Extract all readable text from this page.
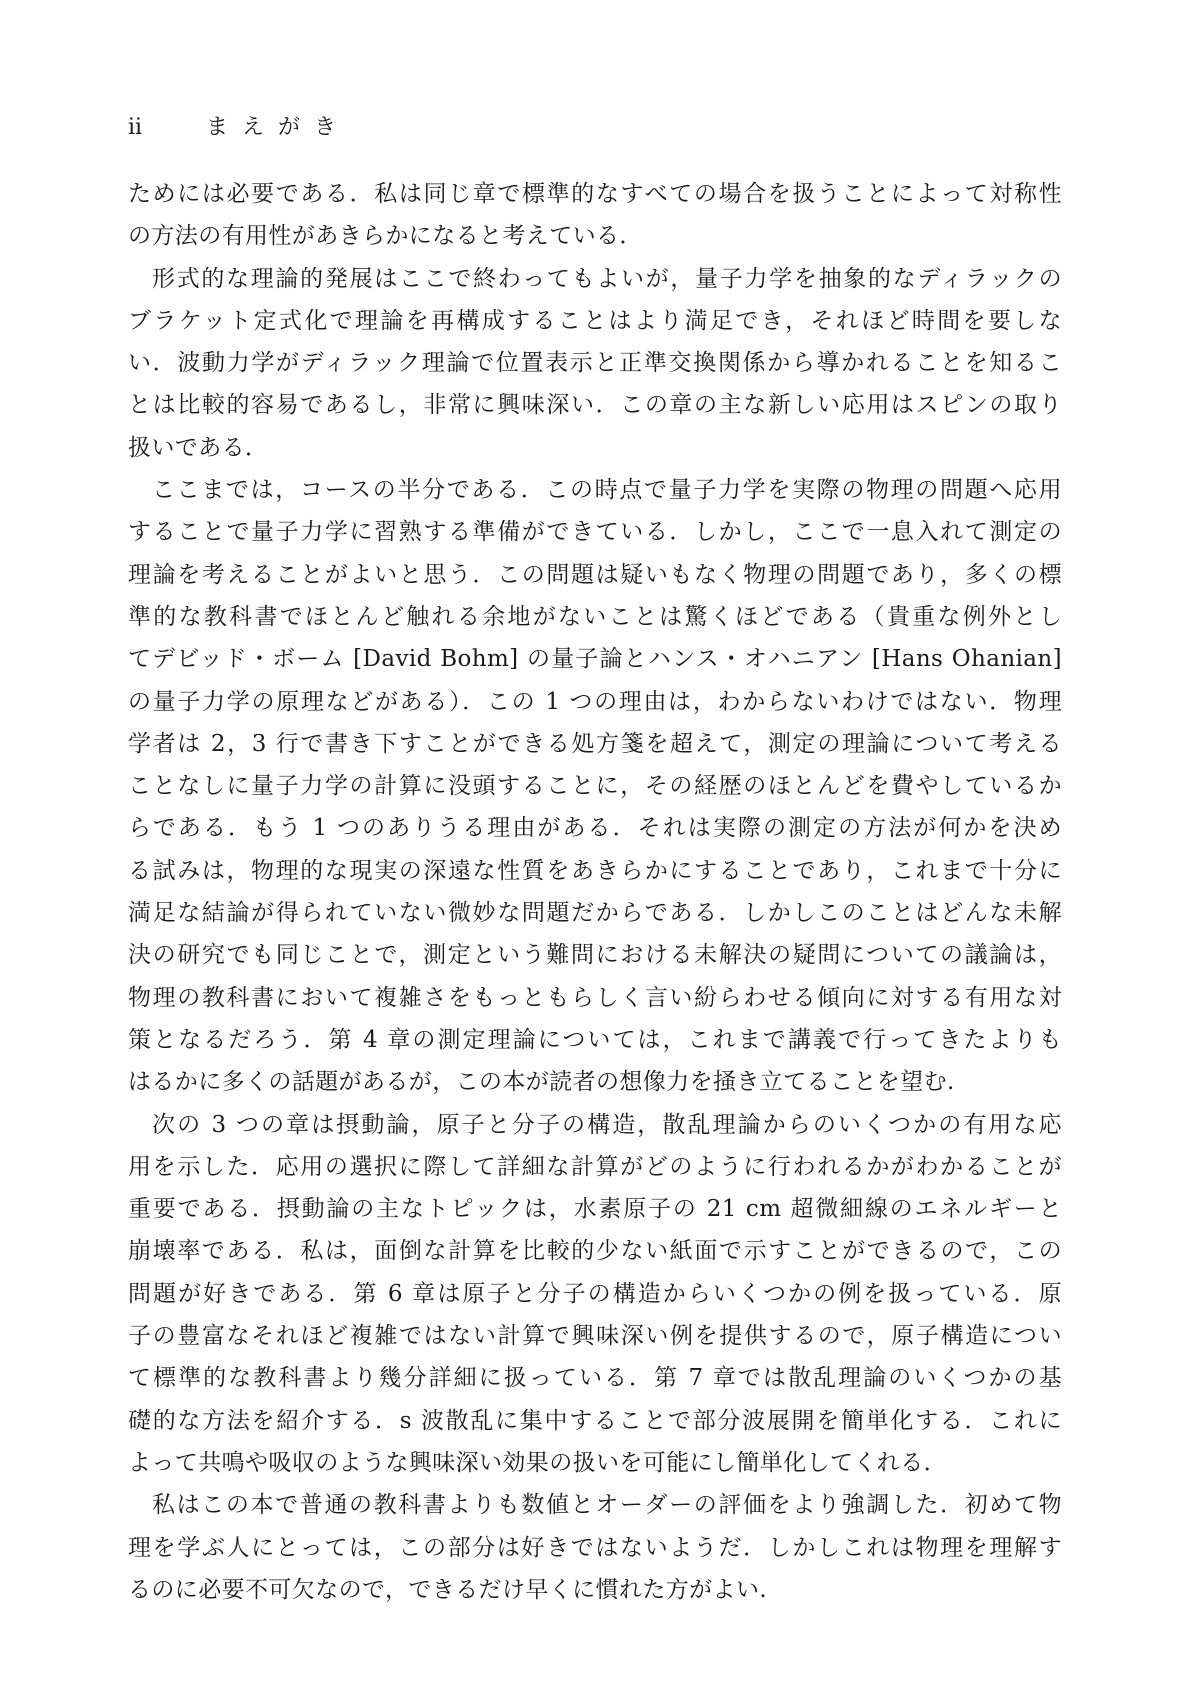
ii	まえがき
ためには必要である．私は同じ章で標準的なすべての場合を扱うことによって対称性
の方法の有用性があきらかになると考えている．
形式的な理論的発展はここで終わってもよいが，量子力学を抽象的なディラックの
ブラケット定式化で理論を再構成することはより満足でき，それほど時間を要しな
い．波動力学がディラック理論で位置表示と正準交換関係から導かれることを知るこ
とは比較的容易であるし，非常に興味深い．この章の主な新しい応用はスピンの取り
扱いである．
ここまでは，コースの半分である．この時点で量子力学を実際の物理の問題へ応用
することで量子力学に習熟する準備ができている．しかし，ここで一息入れて測定の
理論を考えることがよいと思う．この問題は疑いもなく物理の問題であり，多くの標
準的な教科書でほとんど触れる余地がないことは驚くほどである（貴重な例外とし
てデビッド・ボーム [David Bohm] の量子論とハンス・オハニアン [Hans Ohanian]
の量子力学の原理などがある）．この 1 つの理由は，わからないわけではない．物理
学者は 2，3 行で書き下すことができる処方箋を超えて，測定の理論について考える
ことなしに量子力学の計算に没頭することに，その経歴のほとんどを費やしているか
らである．もう 1 つのありうる理由がある．それは実際の測定の方法が何かを決め
る試みは，物理的な現実の深遠な性質をあきらかにすることであり，これまで十分に
満足な結論が得られていない微妙な問題だからである．しかしこのことはどんな未解
決の研究でも同じことで，測定という難問における未解決の疑問についての議論は，
物理の教科書において複雑さをもっともらしく言い紛らわせる傾向に対する有用な対
策となるだろう．第 4 章の測定理論については，これまで講義で行ってきたよりも
はるかに多くの話題があるが，この本が読者の想像力を掻き立てることを望む.
次の 3 つの章は摂動論，原子と分子の構造，散乱理論からのいくつかの有用な応
用を示した．応用の選択に際して詳細な計算がどのように行われるかがわかることが
重要である．摂動論の主なトピックは，水素原子の 21 cm 超微細線のエネルギーと
崩壊率である．私は，面倒な計算を比較的少ない紙面で示すことができるので，この
問題が好きである．第 6 章は原子と分子の構造からいくつかの例を扱っている．原
子の豊富なそれほど複雑ではない計算で興味深い例を提供するので，原子構造につい
て標準的な教科書より幾分詳細に扱っている．第 7 章では散乱理論のいくつかの基
礎的な方法を紹介する．s 波散乱に集中することで部分波展開を簡単化する．これに
よって共鳴や吸収のような興味深い効果の扱いを可能にし簡単化してくれる．
私はこの本で普通の教科書よりも数値とオーダーの評価をより強調した．初めて物
理を学ぶ人にとっては，この部分は好きではないようだ．しかしこれは物理を理解す
るのに必要不可欠なので，できるだけ早くに慣れた方がよい.
